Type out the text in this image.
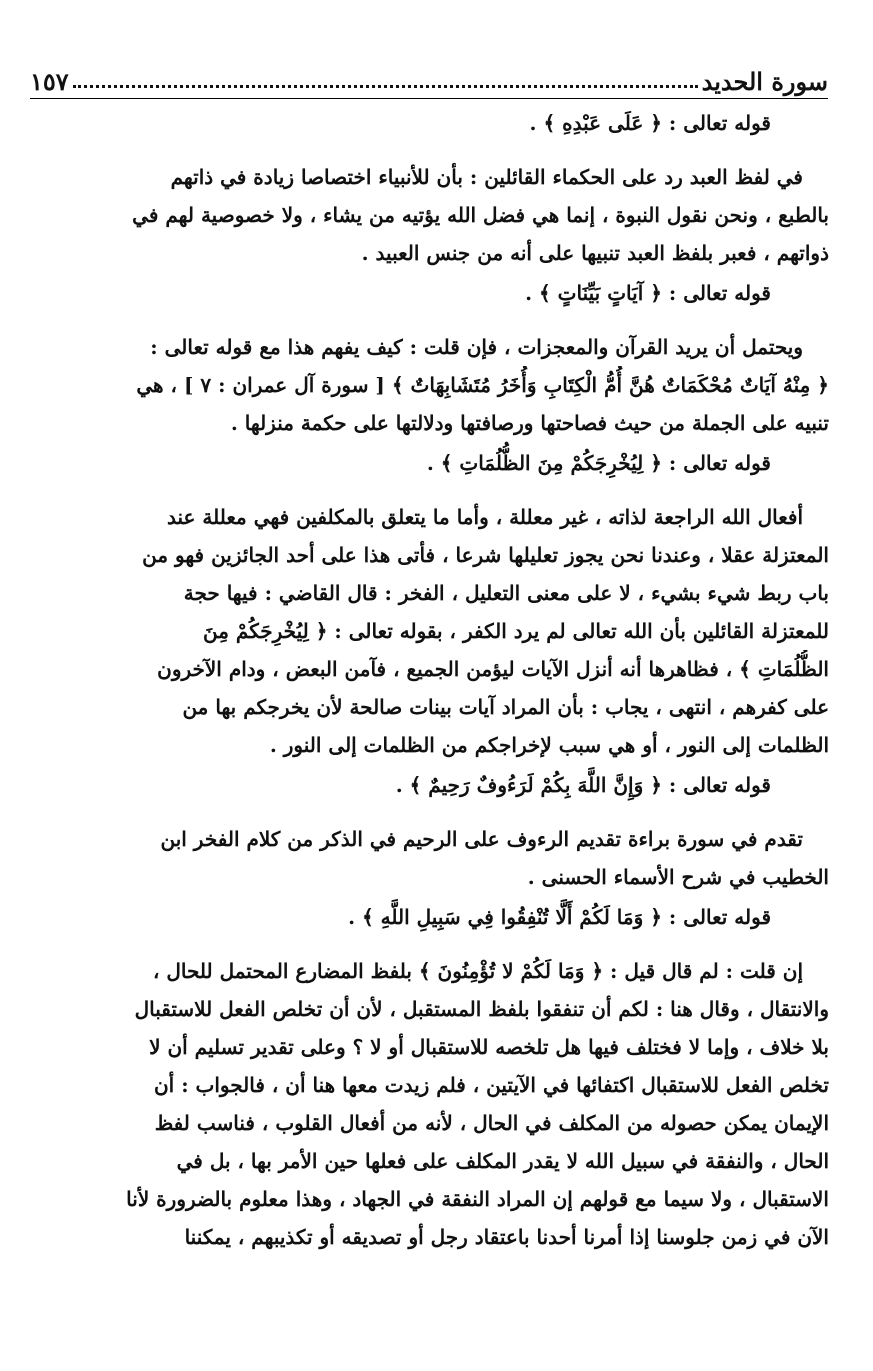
سورة الحديد
١٥٧
قوله تعالى : ﴿ عَلَى عَبْدِهِ ﴾ .
في لفظ العبد رد على الحكماء القائلين : بأن للأنبياء اختصاصا زيادة في ذاتهم
بالطبع ، ونحن نقول النبوة ، إنما هي فضل الله يؤتيه من يشاء ، ولا خصوصية لهم في
ذواتهم ، فعبر بلفظ العبد تنبيها على أنه من جنس العبيد .
قوله تعالى : ﴿ آيَاتٍ بَيِّنَاتٍ ﴾ .
ويحتمل أن يريد القرآن والمعجزات ، فإن قلت : كيف يفهم هذا مع قوله تعالى :
﴿ مِنْهُ آيَاتٌ مُحْكَمَاتٌ هُنَّ أُمُّ الْكِتَابِ وَأُخَرُ مُتَشَابِهَاتٌ ﴾ [ سورة آل عمران : ٧ ] ، هي
تنبيه على الجملة من حيث فصاحتها ورصافتها ودلالتها على حكمة منزلها .
قوله تعالى : ﴿ لِيُخْرِجَكُمْ مِنَ الظُّلُمَاتِ ﴾ .
أفعال الله الراجعة لذاته ، غير معللة ، وأما ما يتعلق بالمكلفين فهي معللة عند
المعتزلة عقلا ، وعندنا نحن يجوز تعليلها شرعا ، فأتى هذا على أحد الجائزين فهو من
باب ربط شيء بشيء ، لا على معنى التعليل ، الفخر : قال القاضي : فيها حجة
للمعتزلة القائلين بأن الله تعالى لم يرد الكفر ، بقوله تعالى : ﴿ لِيُخْرِجَكُمْ مِنَ
الظُّلُمَاتِ ﴾ ، فظاهرها أنه أنزل الآيات ليؤمن الجميع ، فآمن البعض ، ودام الآخرون
على كفرهم ، انتهى ، يجاب : بأن المراد آيات بينات صالحة لأن يخرجكم بها من
الظلمات إلى النور ، أو هي سبب لإخراجكم من الظلمات إلى النور .
قوله تعالى : ﴿ وَإِنَّ اللَّهَ بِكُمْ لَرَءُوفٌ رَحِيمٌ ﴾ .
تقدم في سورة براءة تقديم الرءوف على الرحيم في الذكر من كلام الفخر ابن
الخطيب في شرح الأسماء الحسنى .
قوله تعالى : ﴿ وَمَا لَكُمْ أَلَّا تُنْفِقُوا فِي سَبِيلِ اللَّهِ ﴾ .
إن قلت : لم قال قيل : ﴿ وَمَا لَكُمْ لا تُؤْمِنُونَ ﴾ بلفظ المضارع المحتمل للحال ،
والانتقال ، وقال هنا : لكم أن تنفقوا بلفظ المستقبل ، لأن أن تخلص الفعل للاستقبال
بلا خلاف ، وإما لا فختلف فيها هل تلخصه للاستقبال أو لا ؟ وعلى تقدير تسليم أن لا
تخلص الفعل للاستقبال اكتفائها في الآيتين ، فلم زيدت معها هنا أن ، فالجواب : أن
الإيمان يمكن حصوله من المكلف في الحال ، لأنه من أفعال القلوب ، فناسب لفظ
الحال ، والنفقة في سبيل الله لا يقدر المكلف على فعلها حين الأمر بها ، بل في
الاستقبال ، ولا سيما مع قولهم إن المراد النفقة في الجهاد ، وهذا معلوم بالضرورة لأنا
الآن في زمن جلوسنا إذا أمرنا أحدنا باعتقاد رجل أو تصديقه أو تكذيبهم ، يمكننا
